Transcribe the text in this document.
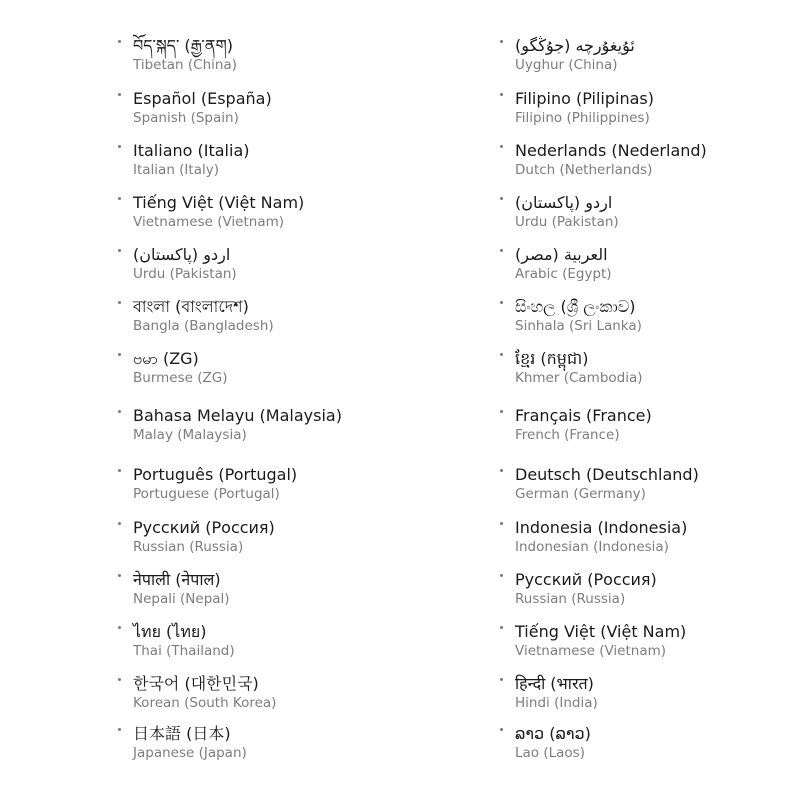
བོད་སྐད་ (རྒྱ་ནག)
Tibetan (China)
Español (España)
Spanish (Spain)
Italiano (Italia)
Italian (Italy)
Tiếng Việt (Việt Nam)
Vietnamese (Vietnam)
اردو (پاکستان)
Urdu (Pakistan)
বাংলা (বাংলাদেশ)
Bangla (Bangladesh)
ဗမာ (ZG)
Burmese (ZG)
Bahasa Melayu (Malaysia)
Malay (Malaysia)
Português (Portugal)
Portuguese (Portugal)
Русский (Россия)
Russian (Russia)
नेपाली (नेपाल)
Nepali (Nepal)
ไทย (ไทย)
Thai (Thailand)
한국어 (대한민국)
Korean (South Korea)
日本語 (日本)
Japanese (Japan)
ئۇيغۇرچە (جۇڭگو)
Uyghur (China)
Filipino (Pilipinas)
Filipino (Philippines)
Nederlands (Nederland)
Dutch (Netherlands)
اردو (پاکستان)
Urdu (Pakistan)
العربية (مصر)
Arabic (Egypt)
සිංහල (ශ්‍රී ලංකාව)
Sinhala (Sri Lanka)
ខ្មែរ (កម្ពុជា)
Khmer (Cambodia)
Français (France)
French (France)
Deutsch (Deutschland)
German (Germany)
Indonesia (Indonesia)
Indonesian (Indonesia)
Русский (Россия)
Russian (Russia)
Tiếng Việt (Việt Nam)
Vietnamese (Vietnam)
हिन्दी (भारत)
Hindi (India)
ລາວ (ລາວ)
Lao (Laos)
